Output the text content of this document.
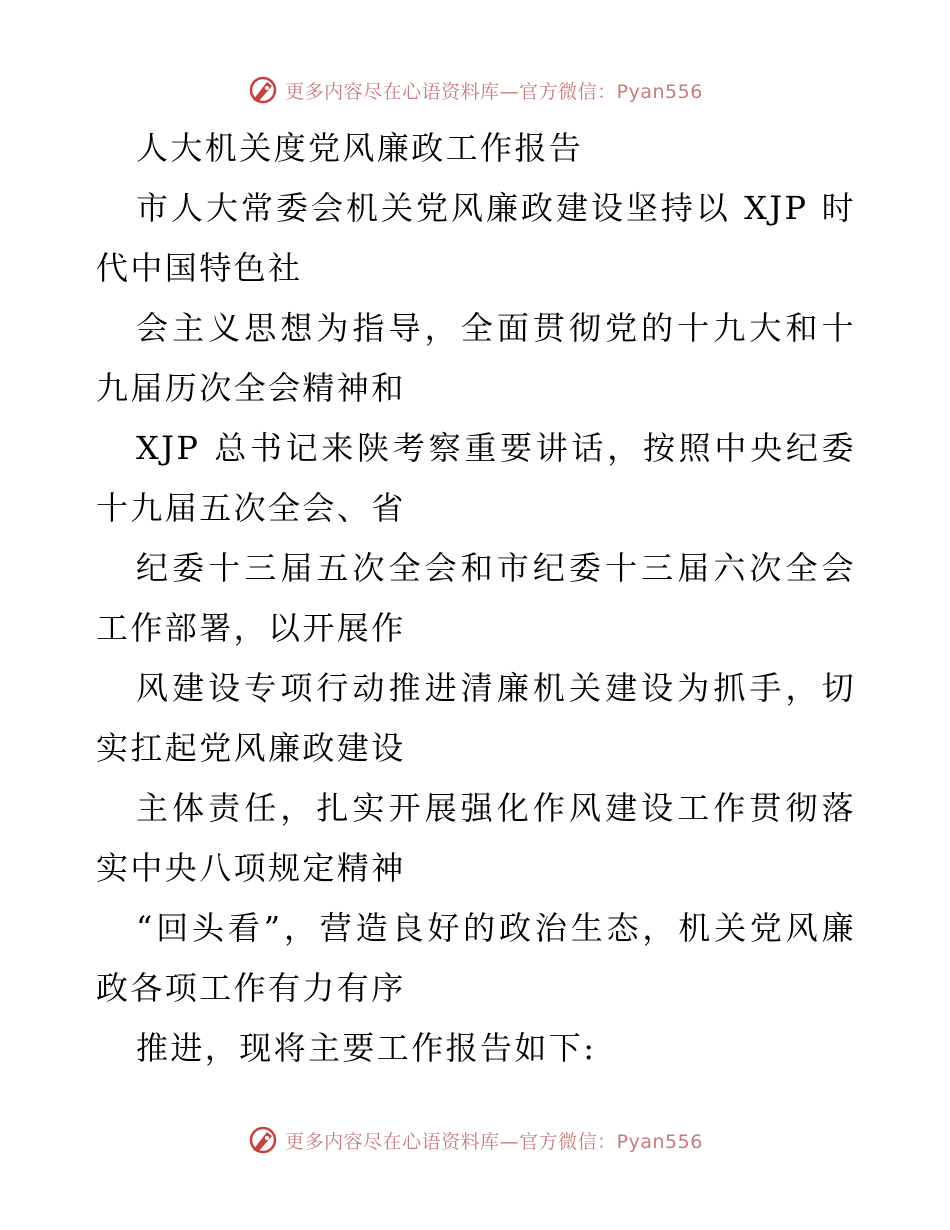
更多内容尽在心语资料库—官方微信：Pyan556

人大机关度党风廉政工作报告

市人大常委会机关党风廉政建设坚持以 XJP 时代中国特色社

会主义思想为指导，全面贯彻党的十九大和十九届历次全会精神和

XJP 总书记来陕考察重要讲话，按照中央纪委十九届五次全会、省

纪委十三届五次全会和市纪委十三届六次全会工作部署，以开展作

风建设专项行动推进清廉机关建设为抓手，切实扛起党风廉政建设

主体责任，扎实开展强化作风建设工作贯彻落实中央八项规定精神

“回头看”，营造良好的政治生态，机关党风廉政各项工作有力有序

推进，现将主要工作报告如下:

更多内容尽在心语资料库—官方微信：Pyan556
